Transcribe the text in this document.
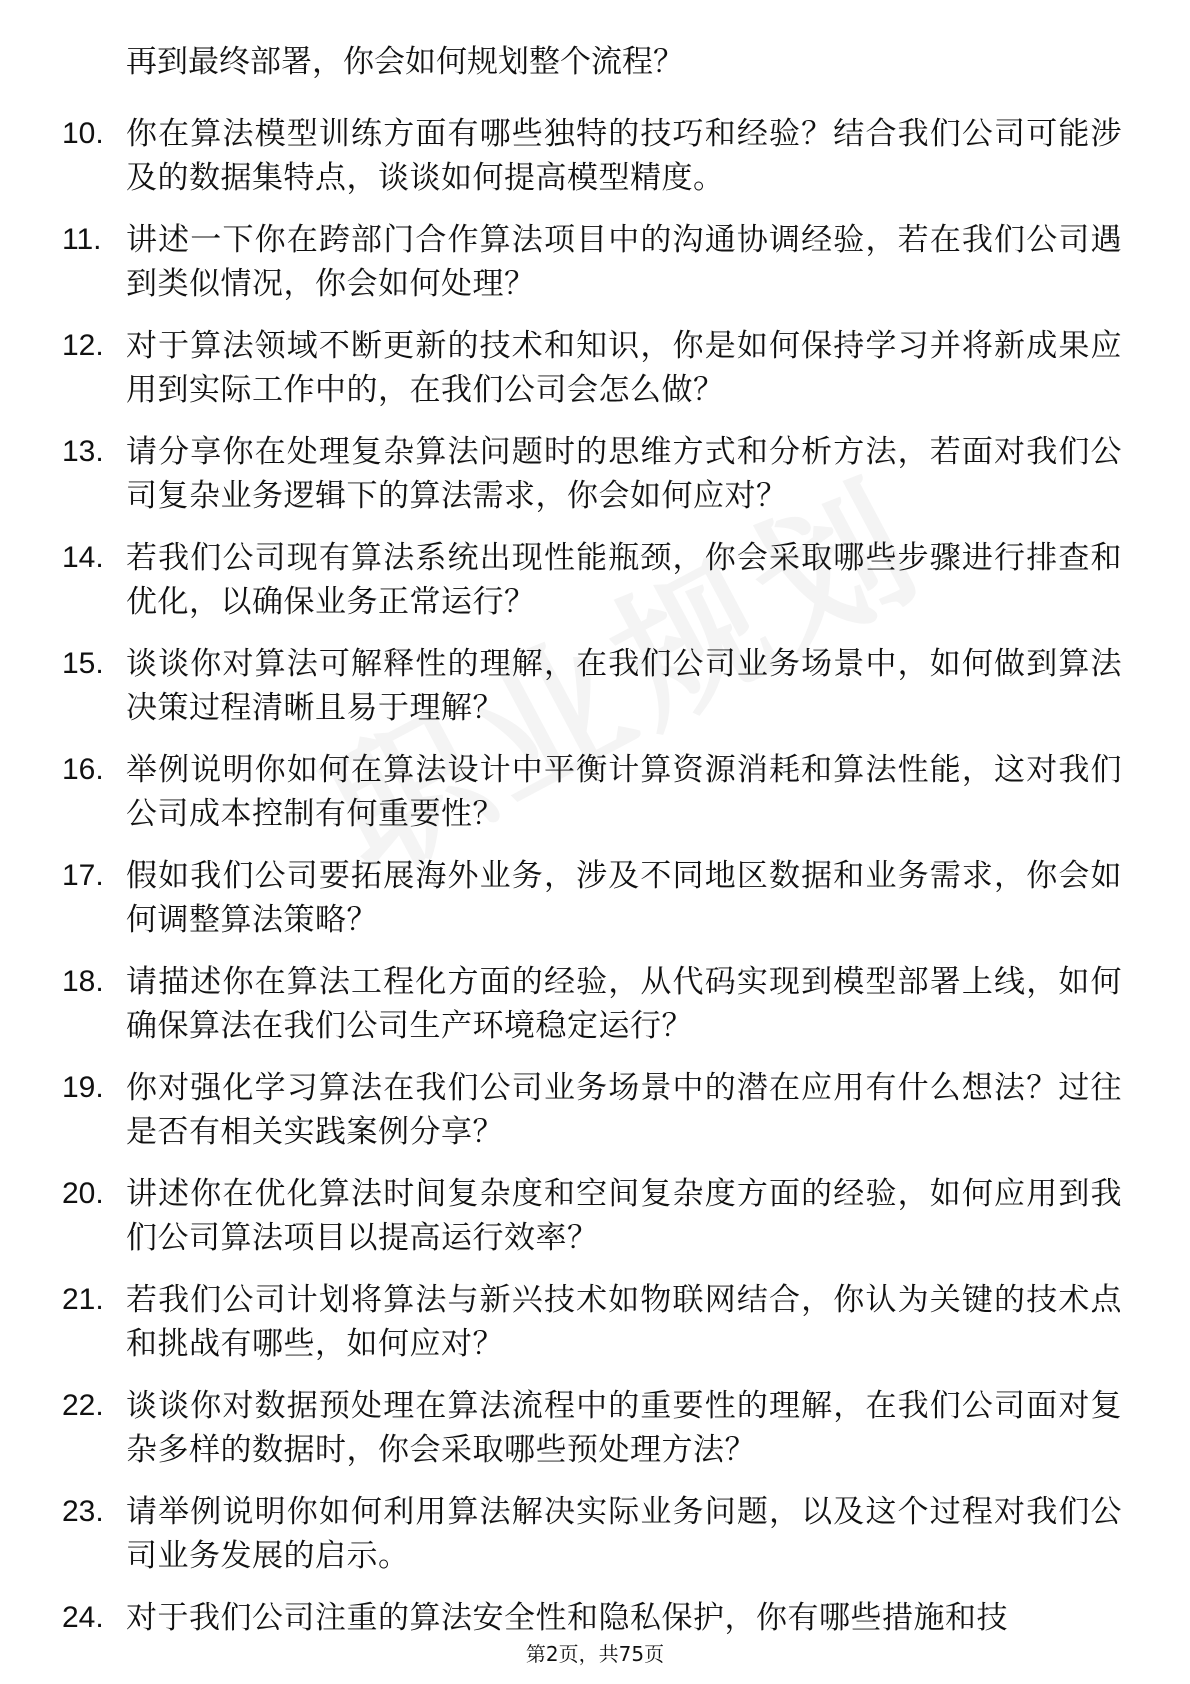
再到最终部署，你会如何规划整个流程？
10. 你在算法模型训练方面有哪些独特的技巧和经验？结合我们公司可能涉及的数据集特点，谈谈如何提高模型精度。
11. 讲述一下你在跨部门合作算法项目中的沟通协调经验，若在我们公司遇到类似情况，你会如何处理？
12. 对于算法领域不断更新的技术和知识，你是如何保持学习并将新成果应用到实际工作中的，在我们公司会怎么做？
13. 请分享你在处理复杂算法问题时的思维方式和分析方法，若面对我们公司复杂业务逻辑下的算法需求，你会如何应对？
14. 若我们公司现有算法系统出现性能瓶颈，你会采取哪些步骤进行排查和优化，以确保业务正常运行？
15. 谈谈你对算法可解释性的理解，在我们公司业务场景中，如何做到算法决策过程清晰且易于理解？
16. 举例说明你如何在算法设计中平衡计算资源消耗和算法性能，这对我们公司成本控制有何重要性？
17. 假如我们公司要拓展海外业务，涉及不同地区数据和业务需求，你会如何调整算法策略？
18. 请描述你在算法工程化方面的经验，从代码实现到模型部署上线，如何确保算法在我们公司生产环境稳定运行？
19. 你对强化学习算法在我们公司业务场景中的潜在应用有什么想法？过往是否有相关实践案例分享？
20. 讲述你在优化算法时间复杂度和空间复杂度方面的经验，如何应用到我们公司算法项目以提高运行效率？
21. 若我们公司计划将算法与新兴技术如物联网结合，你认为关键的技术点和挑战有哪些，如何应对？
22. 谈谈你对数据预处理在算法流程中的重要性的理解，在我们公司面对复杂多样的数据时，你会采取哪些预处理方法？
23. 请举例说明你如何利用算法解决实际业务问题，以及这个过程对我们公司业务发展的启示。
24. 对于我们公司注重的算法安全性和隐私保护，你有哪些措施和技
第2页，共75页
